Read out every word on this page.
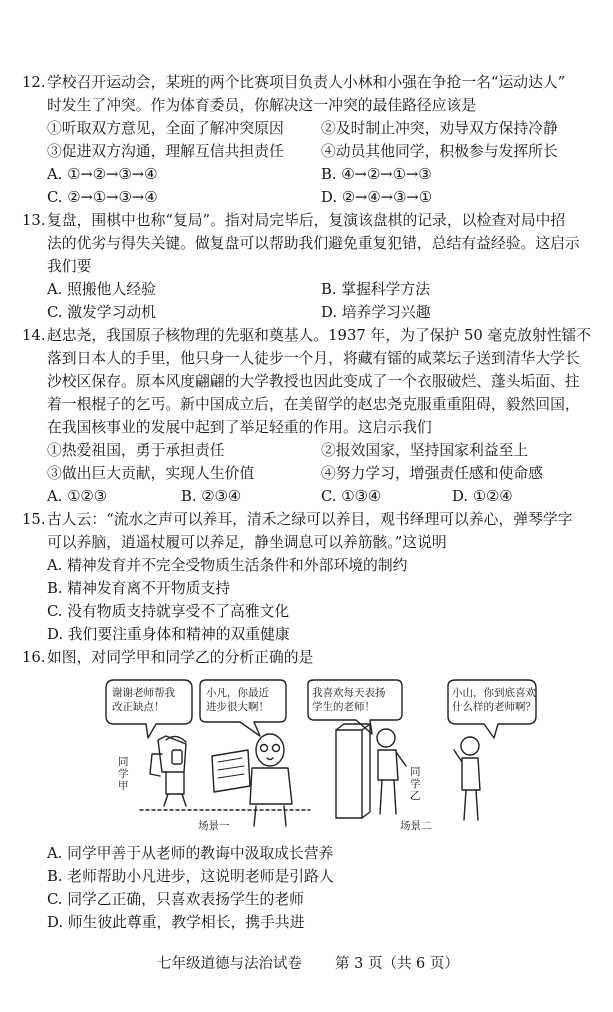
12. 学校召开运动会，某班的两个比赛项目负责人小林和小强在争抢一名“运动达人”
时发生了冲突。作为体育委员，你解决这一冲突的最佳路径应该是
①听取双方意见，全面了解冲突原因	②及时制止冲突，劝导双方保持冷静
③促进双方沟通，理解互信共担责任	④动员其他同学，积极参与发挥所长
A. ①→②→③→④	B. ④→②→①→③
C. ②→①→③→④	D. ②→④→③→①
13. 复盘，围棋中也称“复局”。指对局完毕后，复演该盘棋的记录，以检查对局中招
法的优劣与得失关键。做复盘可以帮助我们避免重复犯错，总结有益经验。这启示
我们要
A. 照搬他人经验	B. 掌握科学方法
C. 激发学习动机	D. 培养学习兴趣
14. 赵忠尧，我国原子核物理的先驱和奠基人。1937 年，为了保护 50 毫克放射性镭不
落到日本人的手里，他只身一人徒步一个月，将藏有镭的咸菜坛子送到清华大学长
沙校区保存。原本风度翩翩的大学教授也因此变成了一个衣服破烂、蓬头垢面、拄
着一根棍子的乞丐。新中国成立后，在美留学的赵忠尧克服重重阻碍，毅然回国，
在我国核事业的发展中起到了举足轻重的作用。这启示我们
①热爱祖国，勇于承担责任	②报效国家，坚持国家利益至上
③做出巨大贡献，实现人生价值	④努力学习，增强责任感和使命感
A. ①②③	B. ②③④	C. ①③④	D. ①②④
15. 古人云：“流水之声可以养耳，清禾之绿可以养目，观书绎理可以养心，弹琴学字
可以养脑，逍遥杖履可以养足，静坐调息可以养筋骸。”这说明
A. 精神发育并不完全受物质生活条件和外部环境的制约
B. 精神发育离不开物质支持
C. 没有物质支持就享受不了高雅文化
D. 我们要注重身体和精神的双重健康
16. 如图，对同学甲和同学乙的分析正确的是
谢谢老师帮我
改正缺点！
小凡，你最近
进步很大啊！
我喜欢每天表扬
学生的老师！
小山，你到底喜欢
什么样的老师啊？
同学甲
同学乙
场景一	场景二
A. 同学甲善于从老师的教诲中汲取成长营养
B. 老师帮助小凡进步，这说明老师是引路人
C. 同学乙正确，只喜欢表扬学生的老师
D. 师生彼此尊重，教学相长，携手共进
七年级道德与法治试卷 第 3 页（共 6 页）
